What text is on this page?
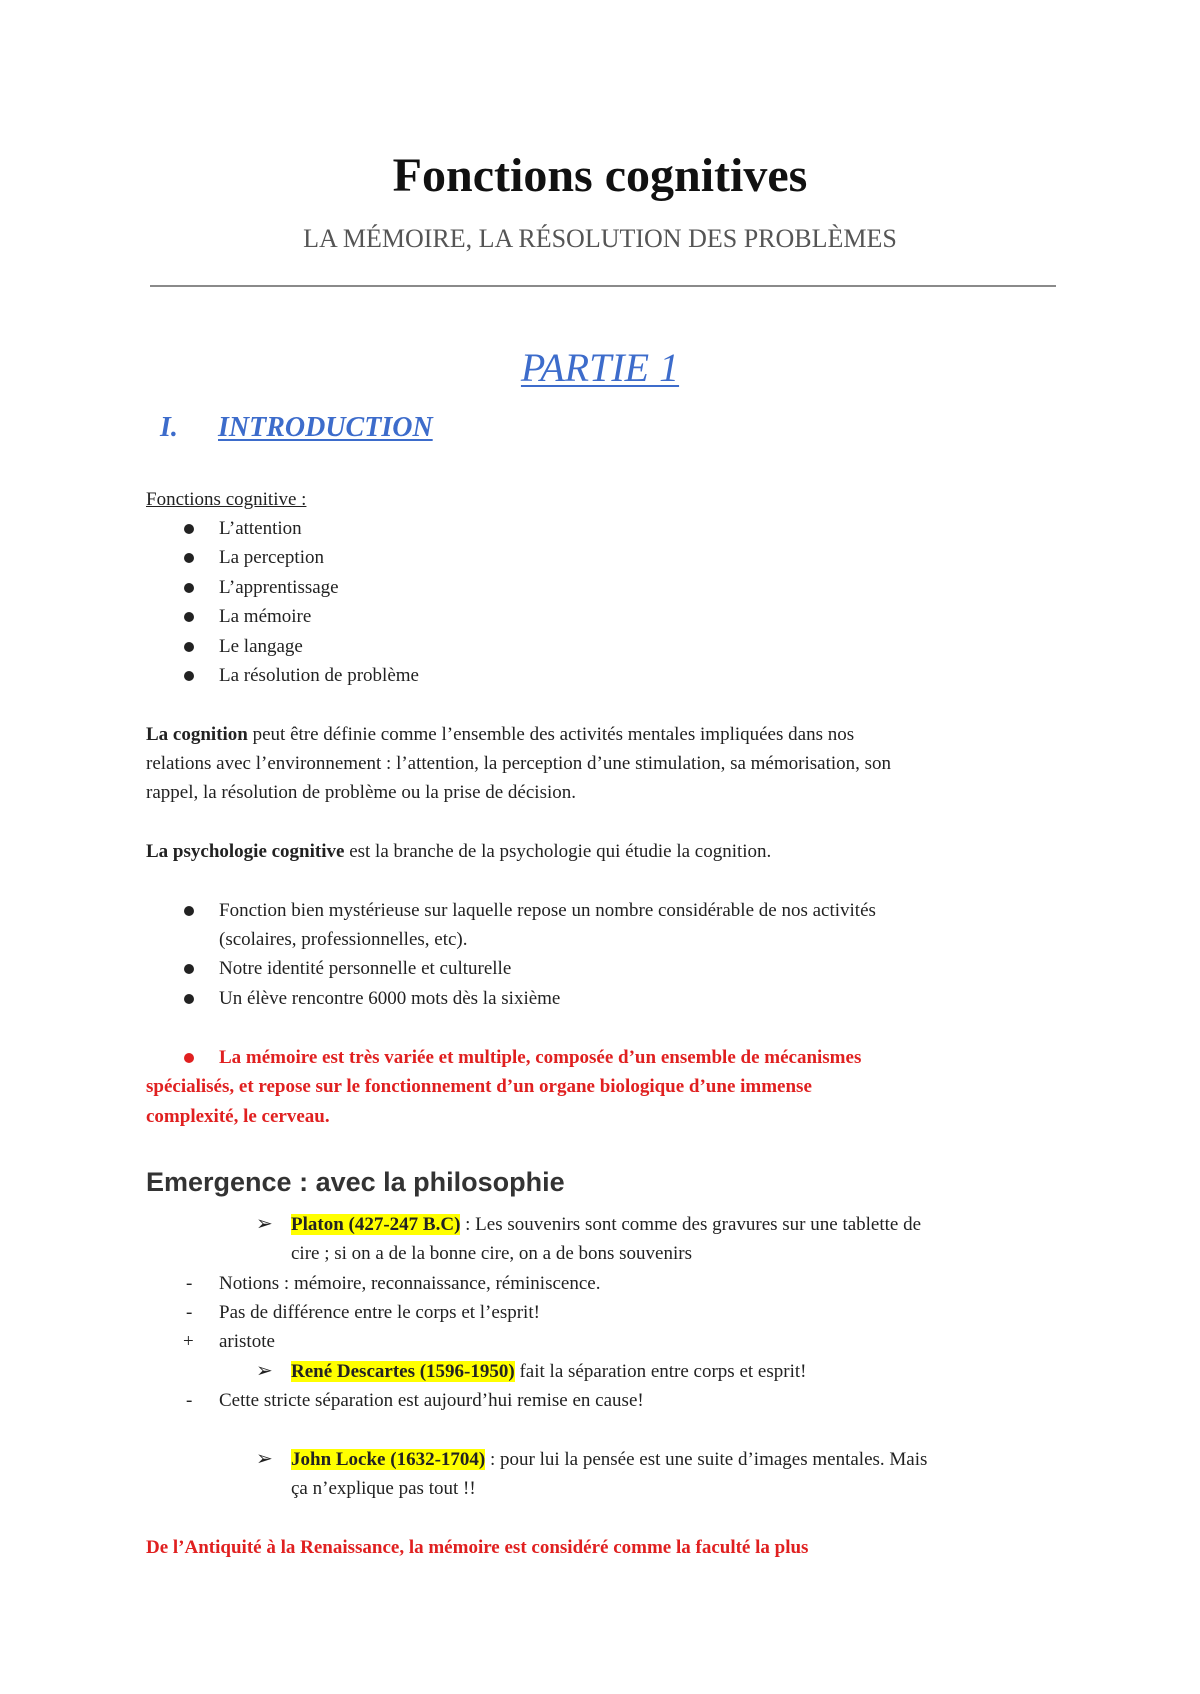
Fonctions cognitives
LA MÉMOIRE, LA RÉSOLUTION DES PROBLÈMES
PARTIE 1
I. INTRODUCTION
Fonctions cognitive :
L’attention
La perception
L’apprentissage
La mémoire
Le langage
La résolution de problème
La cognition peut être définie comme l’ensemble des activités mentales impliquées dans nos
relations avec l’environnement : l’attention, la perception d’une stimulation, sa mémorisation, son
rappel, la résolution de problème ou la prise de décision.
La psychologie cognitive est la branche de la psychologie qui étudie la cognition.
Fonction bien mystérieuse sur laquelle repose un nombre considérable de nos activités
(scolaires, professionnelles, etc).
Notre identité personnelle et culturelle
Un élève rencontre 6000 mots dès la sixième
La mémoire est très variée et multiple, composée d’un ensemble de mécanismes
spécialisés, et repose sur le fonctionnement d’un organe biologique d’une immense
complexité, le cerveau.
Emergence : avec la philosophie
➢ Platon (427-247 B.C) : Les souvenirs sont comme des gravures sur une tablette de
cire ; si on a de la bonne cire, on a de bons souvenirs
- Notions : mémoire, reconnaissance, réminiscence.
- Pas de différence entre le corps et l’esprit!
+ aristote
➢ René Descartes (1596-1950) fait la séparation entre corps et esprit!
- Cette stricte séparation est aujourd’hui remise en cause!
➢ John Locke (1632-1704) : pour lui la pensée est une suite d’images mentales. Mais
ça n’explique pas tout !!
De l’Antiquité à la Renaissance, la mémoire est considéré comme la faculté la plus
